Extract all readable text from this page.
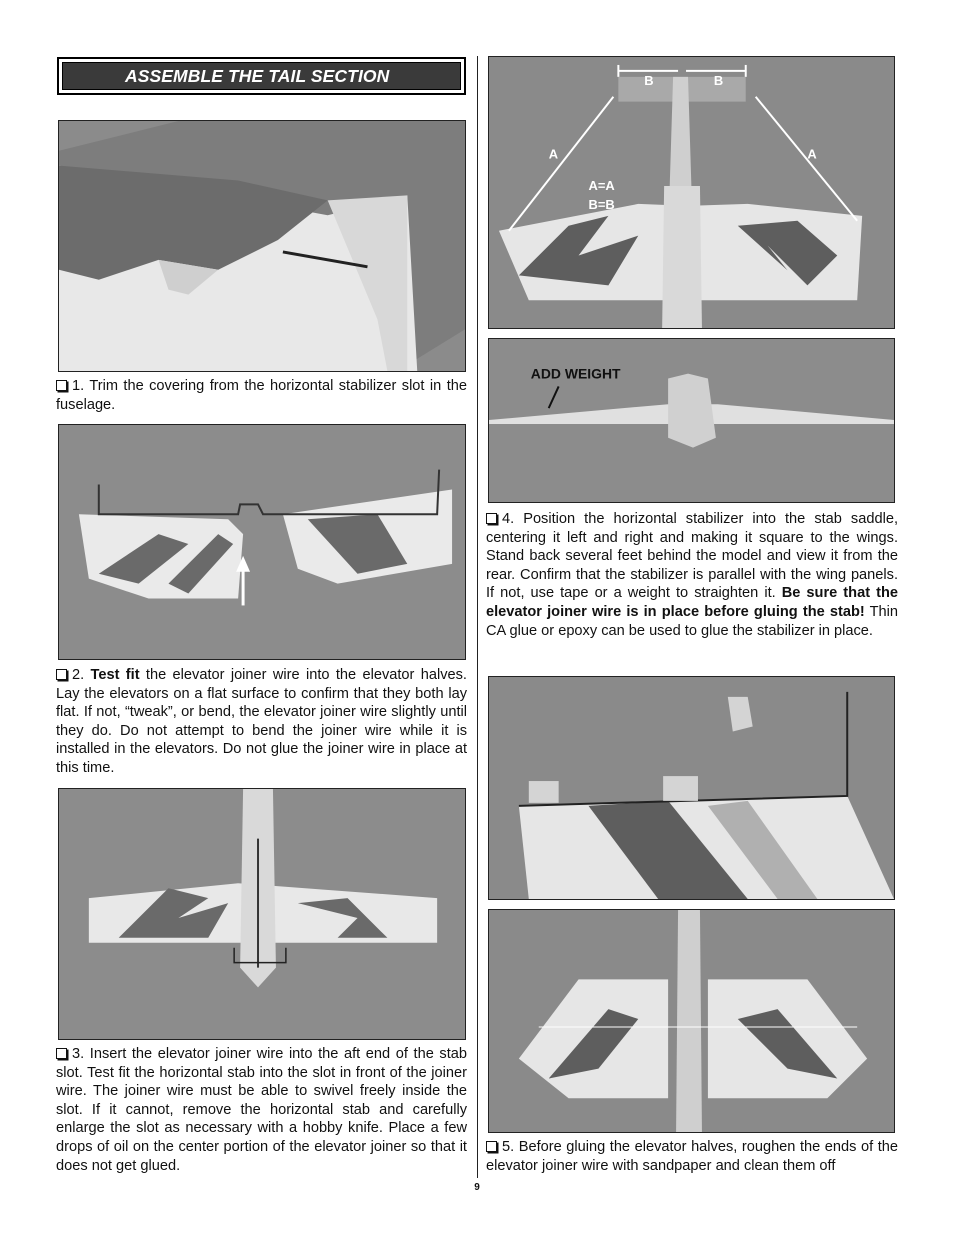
ASSEMBLE THE TAIL SECTION
1. Trim the covering from the horizontal stabilizer slot in the fuselage.
2. Test fit the elevator joiner wire into the elevator halves. Lay the elevators on a flat surface to confirm that they both lay flat. If not, “tweak”, or bend, the elevator joiner wire slightly until they do. Do not attempt to bend the joiner wire while it is installed in the elevators. Do not glue the joiner wire in place at this time.
3. Insert the elevator joiner wire into the aft end of the stab slot. Test fit the horizontal stab into the slot in front of the joiner wire. The joiner wire must be able to swivel freely inside the slot. If it cannot, remove the horizontal stab and carefully enlarge the slot as necessary with a hobby knife. Place a few drops of oil on the center portion of the elevator joiner so that it does not get glued.
B	B
A	A
A=A
B=B
ADD WEIGHT
4. Position the horizontal stabilizer into the stab saddle, centering it left and right and making it square to the wings. Stand back several feet behind the model and view it from the rear. Confirm that the stabilizer is parallel with the wing panels. If not, use tape or a weight to straighten it. Be sure that the elevator joiner wire is in place before gluing the stab! Thin CA glue or epoxy can be used to glue the stabilizer in place.
5. Before gluing the elevator halves, roughen the ends of the elevator joiner wire with sandpaper and clean them off
9
